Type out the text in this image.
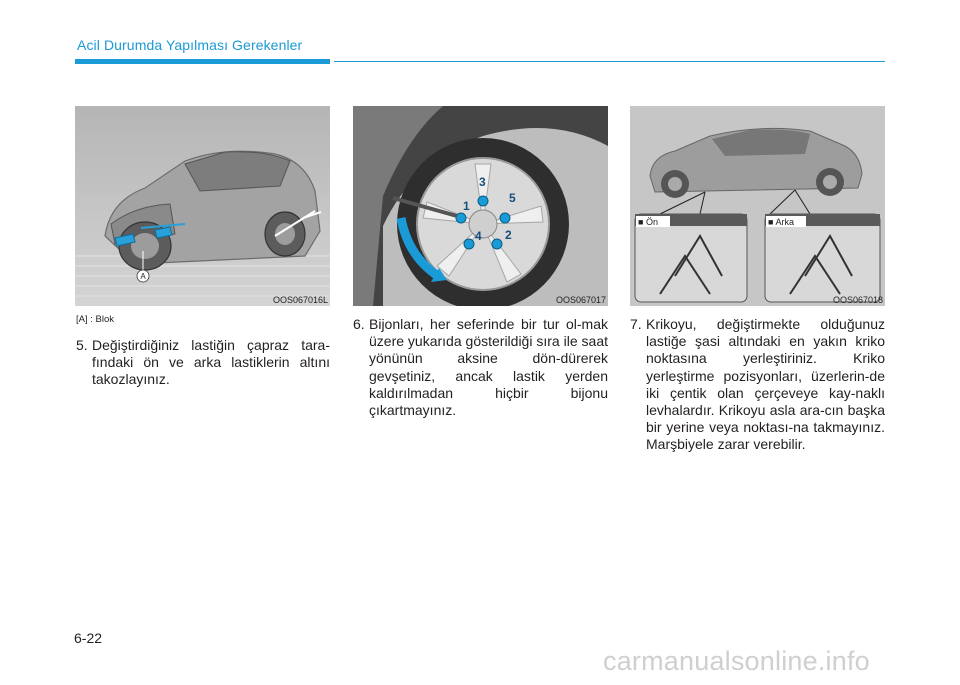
Acil Durumda Yapılması Gerekenler
A
OOS067016L
1
2
3
4
5
OOS067017
■ Ön	■ Arka
OOS067018
[A] : Blok
5. Değiştirdiğiniz lastiğin çapraz tara-fındaki ön ve arka lastiklerin altını takozlayınız.
6. Bijonları, her seferinde bir tur ol-mak üzere yukarıda gösterildiği sıra ile saat yönünün aksine dön-dürerek gevşetiniz, ancak lastik yerden kaldırılmadan hiçbir bijonu çıkartmayınız.
7. Krikoyu, değiştirmekte olduğunuz lastiğe şasi altındaki en yakın kriko noktasına yerleştiriniz. Kriko yerleştirme pozisyonları, üzerlerin-de iki çentik olan çerçeveye kay-naklı levhalardır. Krikoyu asla ara-cın başka bir yerine veya noktası-na takmayınız. Marşbiyele zarar verebilir.
6-22
carmanualsonline.info
